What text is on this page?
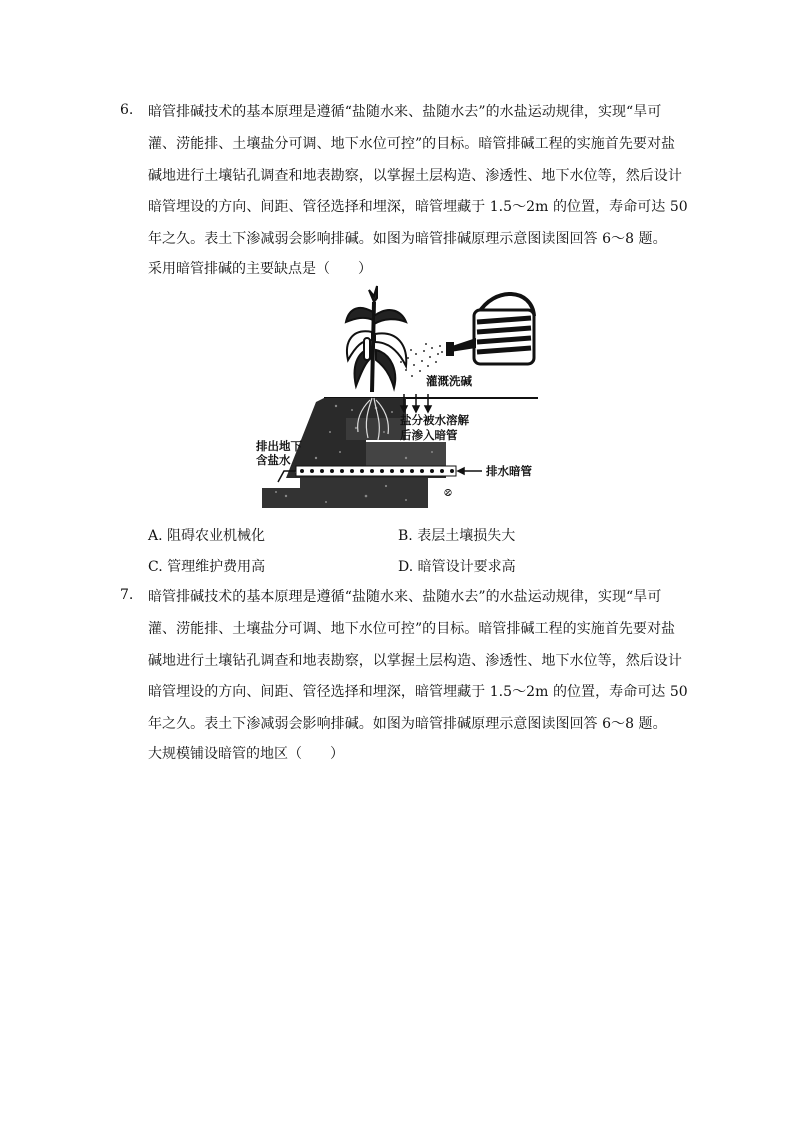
6. 暗管排碱技术的基本原理是遵循“盐随水来、盐随水去”的水盐运动规律，实现“旱可
灌、涝能排、土壤盐分可调、地下水位可控”的目标。暗管排碱工程的实施首先要对盐
碱地进行土壤钻孔调查和地表勘察，以掌握土层构造、渗透性、地下水位等，然后设计
暗管埋设的方向、间距、管径选择和埋深，暗管埋藏于 1.5～2m 的位置，寿命可达 50
年之久。表土下渗减弱会影响排碱。如图为暗管排碱原理示意图读图回答 6～8 题。
采用暗管排碱的主要缺点是（　　）
灌溉洗碱
盐分被水溶解
后渗入暗管
排出地下
含盐水
排水暗管
⦼
A. 阻碍农业机械化	B. 表层土壤损失大
C. 管理维护费用高	D. 暗管设计要求高
7. 暗管排碱技术的基本原理是遵循“盐随水来、盐随水去”的水盐运动规律，实现“旱可
灌、涝能排、土壤盐分可调、地下水位可控”的目标。暗管排碱工程的实施首先要对盐
碱地进行土壤钻孔调查和地表勘察，以掌握土层构造、渗透性、地下水位等，然后设计
暗管埋设的方向、间距、管径选择和埋深，暗管埋藏于 1.5～2m 的位置，寿命可达 50
年之久。表土下渗减弱会影响排碱。如图为暗管排碱原理示意图读图回答 6～8 题。
大规模铺设暗管的地区（　　）
